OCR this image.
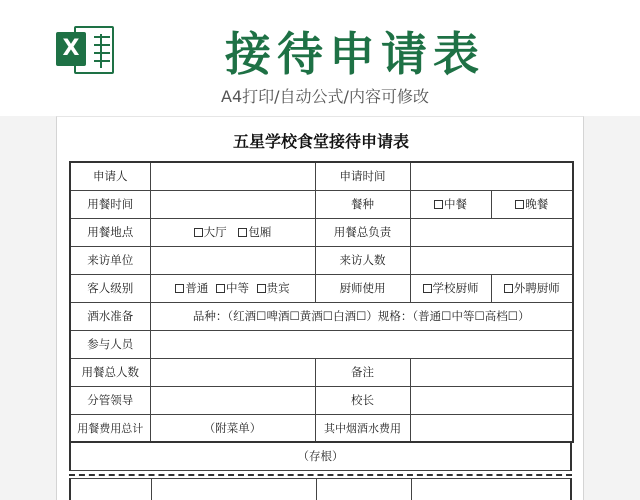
X	接待申请表
A4打印/自动公式/内容可修改
五星学校食堂接待申请表
申请人		申请时间		
用餐时间		餐种	中餐	晚餐
用餐地点	大厅 包厢	用餐总负责		
来访单位		来访人数		
客人级别	普通 中等 贵宾	厨师使用	学校厨师	外聘厨师
酒水准备	品种：（红酒☐啤酒☐黄酒☐白酒☐）规格：（普通☐中等☐高档☐）			
参与人员				
用餐总人数		备注		
分管领导		校长		
用餐费用总计	（附菜单）	其中烟酒水费用		
（存根）
